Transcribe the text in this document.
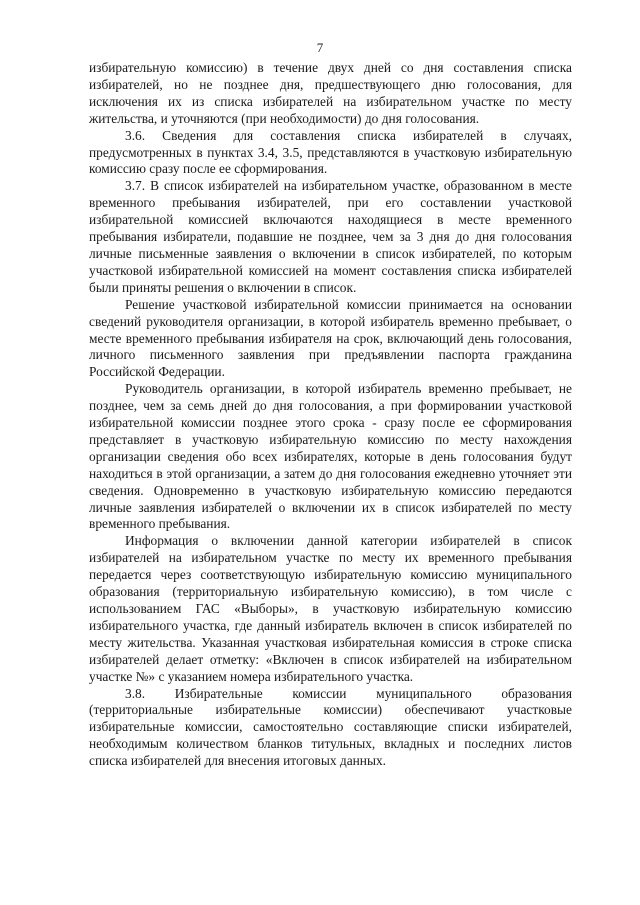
7

избирательную комиссию) в течение двух дней со дня составления списка избирателей, но не позднее дня, предшествующего дню голосования, для исключения их из списка избирателей на избирательном участке по месту жительства, и уточняются (при необходимости) до дня голосования.

3.6. Сведения для составления списка избирателей в случаях, предусмотренных в пунктах 3.4, 3.5, представляются в участковую избирательную комиссию сразу после ее сформирования.

3.7. В список избирателей на избирательном участке, образованном в месте временного пребывания избирателей, при его составлении участковой избирательной комиссией включаются находящиеся в месте временного пребывания избиратели, подавшие не позднее, чем за 3 дня до дня голосования личные письменные заявления о включении в список избирателей, по которым участковой избирательной комиссией на момент составления списка избирателей были приняты решения о включении в список.

Решение участковой избирательной комиссии принимается на основании сведений руководителя организации, в которой избиратель временно пребывает, о месте временного пребывания избирателя на срок, включающий день голосования, личного письменного заявления при предъявлении паспорта гражданина Российской Федерации.

Руководитель организации, в которой избиратель временно пребывает, не позднее, чем за семь дней до дня голосования, а при формировании участковой избирательной комиссии позднее этого срока - сразу после ее сформирования представляет в участковую избирательную комиссию по месту нахождения организации сведения обо всех избирателях, которые в день голосования будут находиться в этой организации, а затем до дня голосования ежедневно уточняет эти сведения. Одновременно в участковую избирательную комиссию передаются личные заявления избирателей о включении их в список избирателей по месту временного пребывания.

Информация о включении данной категории избирателей в список избирателей на избирательном участке по месту их временного пребывания передается через соответствующую избирательную комиссию муниципального образования (территориальную избирательную комиссию), в том числе с использованием ГАС «Выборы», в участковую избирательную комиссию избирательного участка, где данный избиратель включен в список избирателей по месту жительства. Указанная участковая избирательная комиссия в строке списка избирателей делает отметку: «Включен в список избирателей на избирательном участке №» с указанием номера избирательного участка.

3.8. Избирательные комиссии муниципального образования (территориальные избирательные комиссии) обеспечивают участковые избирательные комиссии, самостоятельно составляющие списки избирателей, необходимым количеством бланков титульных, вкладных и последних листов списка избирателей для внесения итоговых данных.
